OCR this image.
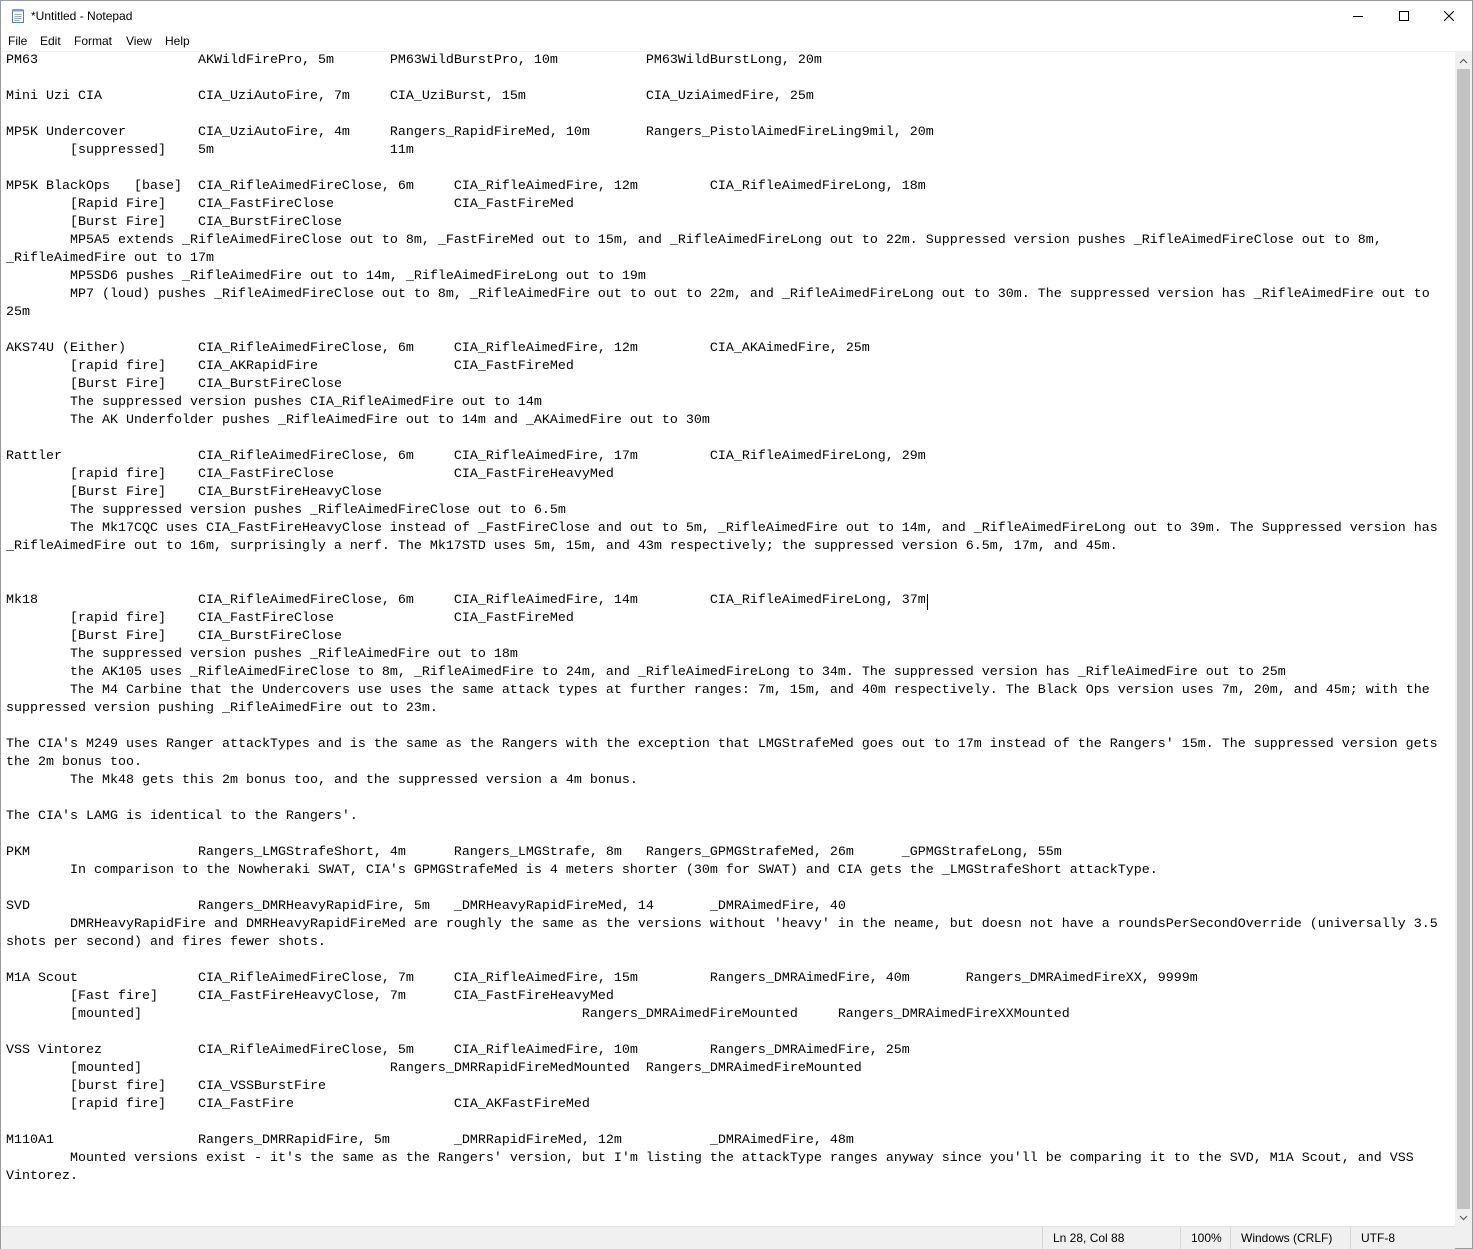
*Untitled - Notepad
File Edit Format View Help
PM63			AKWildFirePro, 5m	PM63WildBurstPro, 10m		PM63WildBurstLong, 20m

Mini Uzi CIA		CIA_UziAutoFire, 7m	CIA_UziBurst, 15m		CIA_UziAimedFire, 25m

MP5K Undercover		CIA_UziAutoFire, 4m	Rangers_RapidFireMed, 10m	Rangers_PistolAimedFireLing9mil, 20m
	[suppressed]	5m			11m

MP5K BlackOps	[base]	CIA_RifleAimedFireClose, 6m	CIA_RifleAimedFire, 12m		CIA_RifleAimedFireLong, 18m
	[Rapid Fire]	CIA_FastFireClose		CIA_FastFireMed
	[Burst Fire]	CIA_BurstFireClose
	MP5A5 extends _RifleAimedFireClose out to 8m, _FastFireMed out to 15m, and _RifleAimedFireLong out to 22m. Suppressed version pushes _RifleAimedFireClose out to 8m,
_RifleAimedFire out to 17m
	MP5SD6 pushes _RifleAimedFire out to 14m, _RifleAimedFireLong out to 19m
	MP7 (loud) pushes _RifleAimedFireClose out to 8m, _RifleAimedFire out to out to 22m, and _RifleAimedFireLong out to 30m. The suppressed version has _RifleAimedFire out to
25m

AKS74U (Either)		CIA_RifleAimedFireClose, 6m	CIA_RifleAimedFire, 12m		CIA_AKAimedFire, 25m
	[rapid fire]	CIA_AKRapidFire			CIA_FastFireMed
	[Burst Fire]	CIA_BurstFireClose
	The suppressed version pushes CIA_RifleAimedFire out to 14m
	The AK Underfolder pushes _RifleAimedFire out to 14m and _AKAimedFire out to 30m

Rattler			CIA_RifleAimedFireClose, 6m	CIA_RifleAimedFire, 17m		CIA_RifleAimedFireLong, 29m
	[rapid fire]	CIA_FastFireClose		CIA_FastFireHeavyMed
	[Burst Fire]	CIA_BurstFireHeavyClose
	The suppressed version pushes _RifleAimedFireClose out to 6.5m
	The Mk17CQC uses CIA_FastFireHeavyClose instead of _FastFireClose and out to 5m, _RifleAimedFire out to 14m, and _RifleAimedFireLong out to 39m. The Suppressed version has
_RifleAimedFire out to 16m, surprisingly a nerf. The Mk17STD uses 5m, 15m, and 43m respectively; the suppressed version 6.5m, 17m, and 45m.

Mk18			CIA_RifleAimedFireClose, 6m	CIA_RifleAimedFire, 14m		CIA_RifleAimedFireLong, 37m
	[rapid fire]	CIA_FastFireClose		CIA_FastFireMed
	[Burst Fire]	CIA_BurstFireClose
	The suppressed version pushes _RifleAimedFire out to 18m
	the AK105 uses _RifleAimedFireClose to 8m, _RifleAimedFire to 24m, and _RifleAimedFireLong to 34m. The suppressed version has _RifleAimedFire out to 25m
	The M4 Carbine that the Undercovers use uses the same attack types at further ranges: 7m, 15m, and 40m respectively. The Black Ops version uses 7m, 20m, and 45m; with the
suppressed version pushing _RifleAimedFire out to 23m.

The CIA's M249 uses Ranger attackTypes and is the same as the Rangers with the exception that LMGStrafeMed goes out to 17m instead of the Rangers' 15m. The suppressed version gets
the 2m bonus too.
	The Mk48 gets this 2m bonus too, and the suppressed version a 4m bonus.

The CIA's LAMG is identical to the Rangers'.

PKM			Rangers_LMGStrafeShort, 4m	Rangers_LMGStrafe, 8m	Rangers_GPMGStrafeMed, 26m	_GPMGStrafeLong, 55m
	In comparison to the Nowheraki SWAT, CIA's GPMGStrafeMed is 4 meters shorter (30m for SWAT) and CIA gets the _LMGStrafeShort attackType.

SVD			Rangers_DMRHeavyRapidFire, 5m	_DMRHeavyRapidFireMed, 14	_DMRAimedFire, 40
	DMRHeavyRapidFire and DMRHeavyRapidFireMed are roughly the same as the versions without 'heavy' in the neame, but doesn not have a roundsPerSecondOverride (universally 3.5
shots per second) and fires fewer shots.

M1A Scout		CIA_RifleAimedFireClose, 7m	CIA_RifleAimedFire, 15m		Rangers_DMRAimedFire, 40m	Rangers_DMRAimedFireXX, 9999m
	[Fast fire]	CIA_FastFireHeavyClose, 7m	CIA_FastFireHeavyMed
	[mounted]							Rangers_DMRAimedFireMounted	Rangers_DMRAimedFireXXMounted

VSS Vintorez		CIA_RifleAimedFireClose, 5m	CIA_RifleAimedFire, 10m		Rangers_DMRAimedFire, 25m
	[mounted]				Rangers_DMRRapidFireMedMounted	Rangers_DMRAimedFireMounted
	[burst fire]	CIA_VSSBurstFire
	[rapid fire]	CIA_FastFire			CIA_AKFastFireMed

M110A1			Rangers_DMRRapidFire, 5m	_DMRRapidFireMed, 12m		_DMRAimedFire, 48m
	Mounted versions exist - it's the same as the Rangers' version, but I'm listing the attackType ranges anyway since you'll be comparing it to the SVD, M1A Scout, and VSS
Vintorez.
Ln 28, Col 88	100%	Windows (CRLF)	UTF-8
